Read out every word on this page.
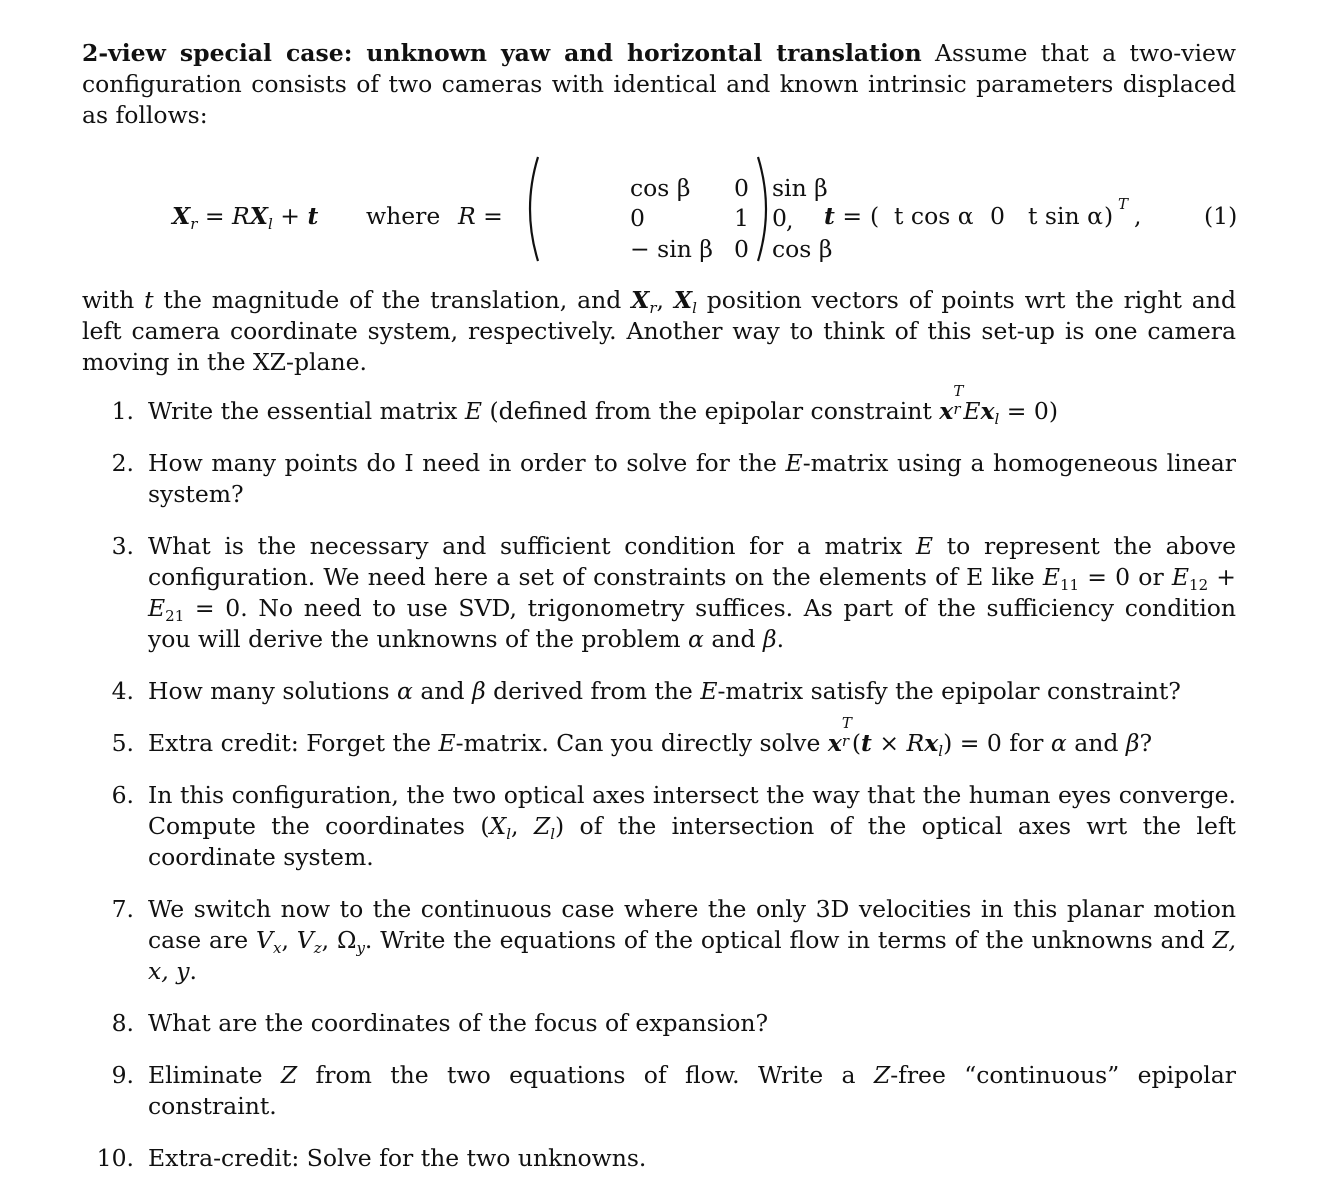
2-view special case: unknown yaw and horizontal translation Assume that a two-view configuration consists of two cameras with identical and known intrinsic parameters displaced as follows:

$X_r = RX_l + t$ where R =
cos β 0 sin β
0	1 0
− sin β 0 cos β
, t = ( t cos α 0 t sin α ) T ,	(1)

with t the magnitude of the translation, and $X_r$, $X_l$ position vectors of points wrt the right and left camera coordinate system, respectively. Another way to think of this set-up is one camera moving in the XZ-plane.

1. Write the essential matrix E (defined from the epipolar constraint x
T
r $Ex_l = 0$)
2. How many points do I need in order to solve for the E-matrix using a homogeneous linear system?
3. What is the necessary and sufficient condition for a matrix E to represent the above configuration. We need here a set of constraints on the elements of E like $E_{11} = 0$ or $E_{12} + E_{21} = 0$. No need to use SVD, trigonometry suffices. As part of the sufficiency condition you will derive the unknowns of the problem α and β.
4. How many solutions α and β derived from the E-matrix satisfy the epipolar constraint?
5. Extra credit: Forget the E-matrix. Can you directly solve x
T
r $(t \times Rx_l) = 0$ for α and β?
6. In this configuration, the two optical axes intersect the way that the human eyes converge. Compute the coordinates ($X_l$, $Z_l$) of the intersection of the optical axes wrt the left coordinate system.
7. We switch now to the continuous case where the only 3D velocities in this planar motion case are $V_x$, $V_z$, $\Omega_y$. Write the equations of the optical flow in terms of the unknowns and Z, x, y.
8. What are the coordinates of the focus of expansion?
9. Eliminate Z from the two equations of flow. Write a Z-free “continuous” epipolar constraint.
10. Extra-credit: Solve for the two unknowns.
